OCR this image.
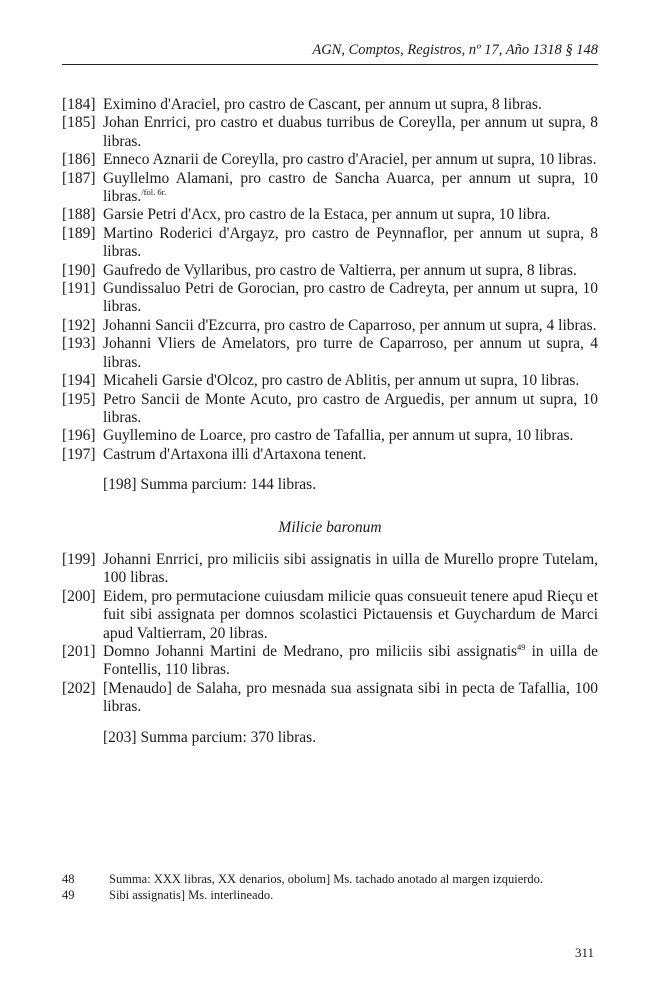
AGN, Comptos, Registros, nº 17, Año 1318 § 148
[184] Eximino d'Araciel, pro castro de Cascant, per annum ut supra, 8 libras.
[185] Johan Enrrici, pro castro et duabus turribus de Coreylla, per annum ut supra, 8 libras.
[186] Enneco Aznarii de Coreylla, pro castro d'Araciel, per annum ut supra, 10 libras.
[187] Guyllelmo Alamani, pro castro de Sancha Auarca, per annum ut supra, 10 libras.$^{/fol. 6r.}$
[188] Garsie Petri d'Acx, pro castro de la Estaca, per annum ut supra, 10 libra.
[189] Martino Roderici d'Argayz, pro castro de Peynnaflor, per annum ut supra, 8 libras.
[190] Gaufredo de Vyllaribus, pro castro de Valtierra, per annum ut supra, 8 libras.
[191] Gundissaluo Petri de Gorocian, pro castro de Cadreyta, per annum ut supra, 10 libras.
[192] Johanni Sancii d'Ezcurra, pro castro de Caparroso, per annum ut supra, 4 libras.
[193] Johanni Vliers de Amelators, pro turre de Caparroso, per annum ut supra, 4 libras.
[194] Micaheli Garsie d'Olcoz, pro castro de Ablitis, per annum ut supra, 10 libras.
[195] Petro Sancii de Monte Acuto, pro castro de Arguedis, per annum ut supra, 10 libras.
[196] Guyllemino de Loarce, pro castro de Tafallia, per annum ut supra, 10 libras.
[197] Castrum d'Artaxona illi d'Artaxona tenent.
[198] Summa parcium: 144 libras.
Milicie baronum
[199] Johanni Enrrici, pro miliciis sibi assignatis in uilla de Murello propre Tutelam, 100 libras.
[200] Eidem, pro permutacione cuiusdam milicie quas consueuit tenere apud Rieçu et fuit sibi assignata per domnos scolastici Pictauensis et Guychardum de Marci apud Valtierram, 20 libras.
[201] Domno Johanni Martini de Medrano, pro miliciis sibi assignatis$^{49}$ in uilla de Fontellis, 110 libras.
[202] [Menaudo] de Salaha, pro mesnada sua assignata sibi in pecta de Tafallia, 100 libras.
[203] Summa parcium: 370 libras.
48	Summa: XXX libras, XX denarios, obolum] Ms. tachado anotado al margen izquierdo.
49	Sibi assignatis] Ms. interlineado.
311
